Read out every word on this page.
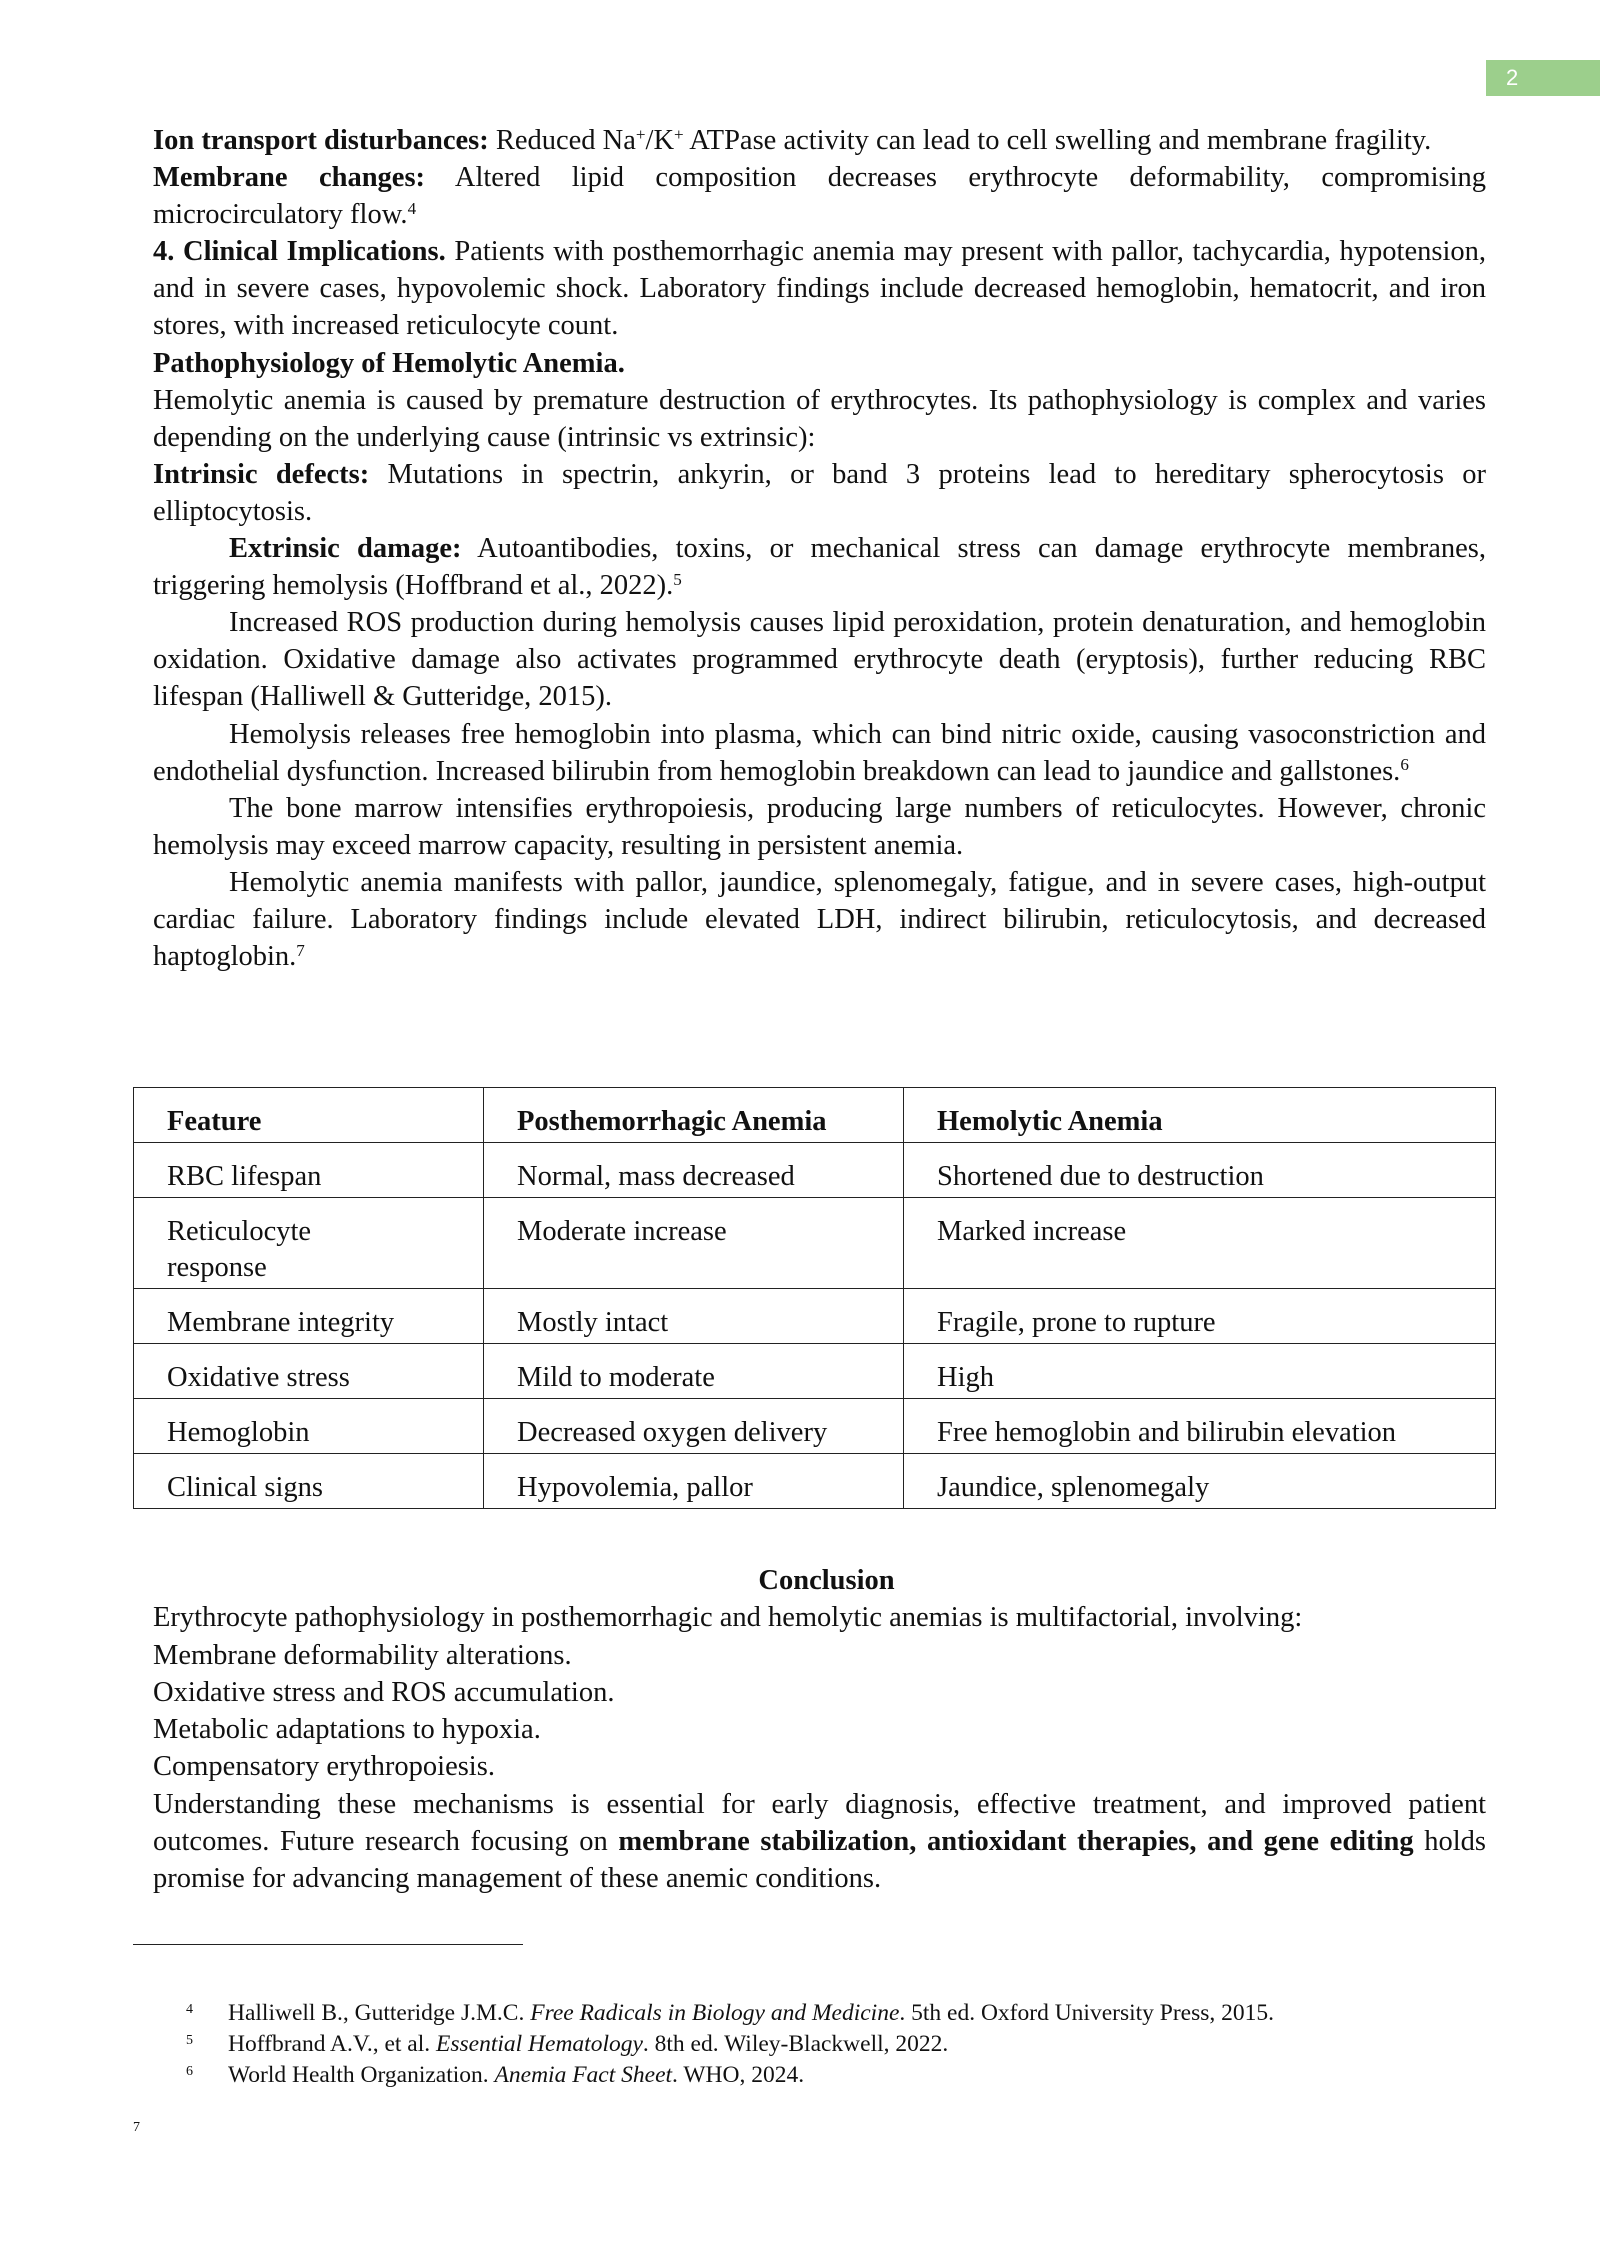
2

Ion transport disturbances: Reduced Na+/K+ ATPase activity can lead to cell swelling and membrane fragility.

Membrane changes: Altered lipid composition decreases erythrocyte deformability, compromising microcirculatory flow.$^4$

4. Clinical Implications. Patients with posthemorrhagic anemia may present with pallor, tachycardia, hypotension, and in severe cases, hypovolemic shock. Laboratory findings include decreased hemoglobin, hematocrit, and iron stores, with increased reticulocyte count.

Pathophysiology of Hemolytic Anemia.

Hemolytic anemia is caused by premature destruction of erythrocytes. Its pathophysiology is complex and varies depending on the underlying cause (intrinsic vs extrinsic):

Intrinsic defects: Mutations in spectrin, ankyrin, or band 3 proteins lead to hereditary spherocytosis or elliptocytosis.

Extrinsic damage: Autoantibodies, toxins, or mechanical stress can damage erythrocyte membranes, triggering hemolysis (Hoffbrand et al., 2022).$^5$

Increased ROS production during hemolysis causes lipid peroxidation, protein denaturation, and hemoglobin oxidation. Oxidative damage also activates programmed erythrocyte death (eryptosis), further reducing RBC lifespan (Halliwell & Gutteridge, 2015).

Hemolysis releases free hemoglobin into plasma, which can bind nitric oxide, causing vasoconstriction and endothelial dysfunction. Increased bilirubin from hemoglobin breakdown can lead to jaundice and gallstones.$^6$

The bone marrow intensifies erythropoiesis, producing large numbers of reticulocytes. However, chronic hemolysis may exceed marrow capacity, resulting in persistent anemia.

Hemolytic anemia manifests with pallor, jaundice, splenomegaly, fatigue, and in severe cases, high-output cardiac failure. Laboratory findings include elevated LDH, indirect bilirubin, reticulocytosis, and decreased haptoglobin.$^7$

Feature	Posthemorrhagic Anemia	Hemolytic Anemia
RBC lifespan	Normal, mass decreased	Shortened due to destruction
Reticulocyte response	Moderate increase	Marked increase
Membrane integrity	Mostly intact	Fragile, prone to rupture
Oxidative stress	Mild to moderate	High
Hemoglobin	Decreased oxygen delivery	Free hemoglobin and bilirubin elevation
Clinical signs	Hypovolemia, pallor	Jaundice, splenomegaly

Conclusion

Erythrocyte pathophysiology in posthemorrhagic and hemolytic anemias is multifactorial, involving:

Membrane deformability alterations.

Oxidative stress and ROS accumulation.

Metabolic adaptations to hypoxia.

Compensatory erythropoiesis.

Understanding these mechanisms is essential for early diagnosis, effective treatment, and improved patient outcomes. Future research focusing on membrane stabilization, antioxidant therapies, and gene editing holds promise for advancing management of these anemic conditions.

4	Halliwell B., Gutteridge J.M.C. Free Radicals in Biology and Medicine. 5th ed. Oxford University Press, 2015.
5	Hoffbrand A.V., et al. Essential Hematology. 8th ed. Wiley-Blackwell, 2022.
6	World Health Organization. Anemia Fact Sheet. WHO, 2024.
7
